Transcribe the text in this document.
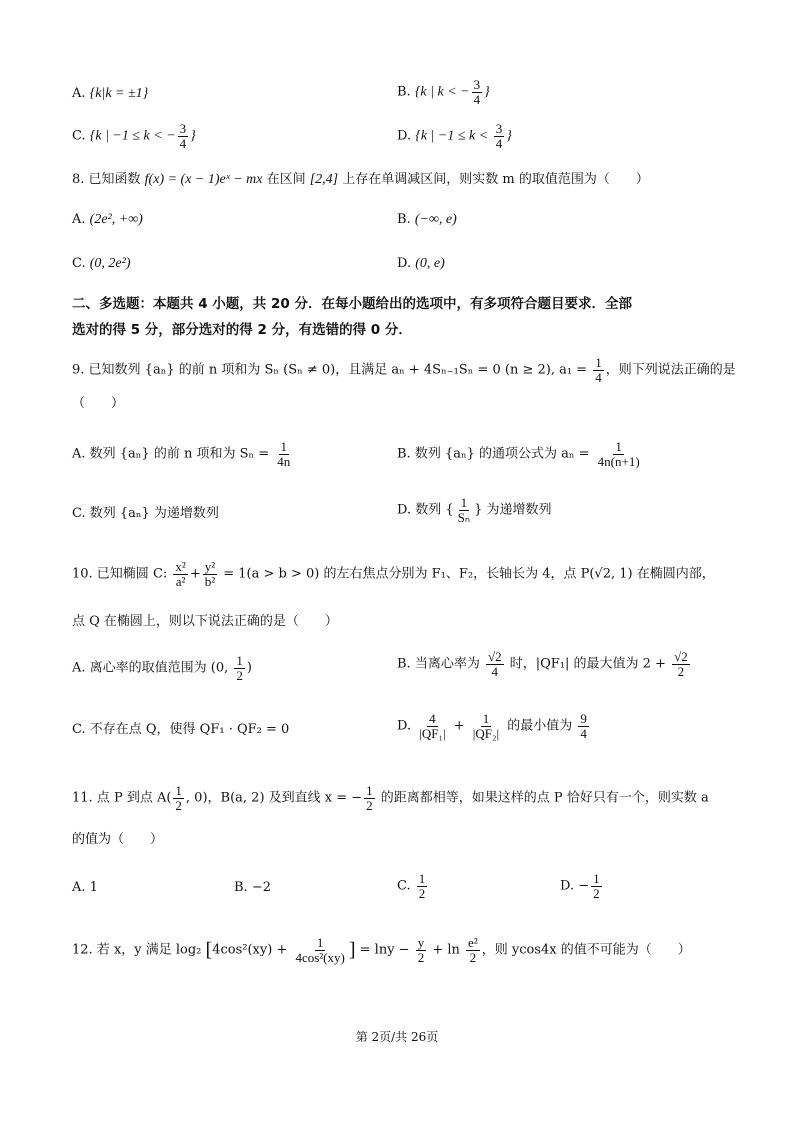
A. {k|k = ±1}	B. {k | k < − $\frac{3}{4}$ }
C. {k | −1 ≤ k < − $\frac{3}{4}$ }	D. {k | $-1 \le k < \frac{3}{4}$ }
8. 已知函数 f(x) = (x − 1)eˣ − mx 在区间 [2,4] 上存在单调减区间，则实数 m 的取值范围为（　　）
A. (2e², +∞)	B. (−∞, e)
C. (0, 2e²)	D. (0, e)
二、多选题：本题共 4 小题，共 20 分．在每小题给出的选项中，有多项符合题目要求．全部
选对的得 5 分，部分选对的得 2 分，有选错的得 0 分．
9. 已知数列 {aₙ} 的前 n 项和为 Sₙ (Sₙ ≠ 0)，且满足 aₙ + 4Sₙ₋₁Sₙ = 0 (n ≥ 2), $a_1 = \frac{1}{4}$ ，则下列说法正确的是
（　　）
A. 数列 {aₙ} 的前 n 项和为 $S_n = \frac{1}{4n}$	B. 数列 {aₙ} 的通项公式为 $a_n = \frac{1}{4n(n+1)}$
C. 数列 {aₙ} 为递增数列	D. 数列 { $\frac{1}{\text{Sₙ}}$ } 为递增数列
10. 已知椭圆 C: $\frac{\text{x²}}{\text{a²}} + \frac{\text{y²}}{\text{b²}} = 1(a > b > 0)$ 的左右焦点分别为 F₁、F₂，长轴长为 4，点 P(√2, 1) 在椭圆内部，
点 Q 在椭圆上，则以下说法正确的是（　　）
A. 离心率的取值范围为 (0, $\frac{1}{2}$ )	B. 当离心率为 $\frac{√2}{4}$ 时，|QF₁| 的最大值为 $2 + \frac{√2}{2}$
C. 不存在点 Q，使得 QF₁ · QF₂ = 0	D. $\frac{4}{\text{|QF₁|}} + \frac{1}{\text{|QF₂|}}$ 的最小值为 $\frac{9}{4}$
11. 点 P 到点 $A( \frac{1}{2}$ , 0)，B(a, 2) 及到直线 x = − $\frac{1}{2}$ 的距离都相等，如果这样的点 P 恰好只有一个，则实数 a
的值为（　　）
A. 1	B. −2	C. $\frac{1}{2}$	D. − $\frac{1}{2}$
12. 若 x，y 满足 log₂ [$4\cos^2(xy) + \frac{1}{\text{4cos²(xy)}}$ ] = $\ln y - \frac{y}{2} + \ln \frac{\text{e²}}{2}$ ，则 ycos4x 的值不可能为（　　）
第 2页/共 26页
